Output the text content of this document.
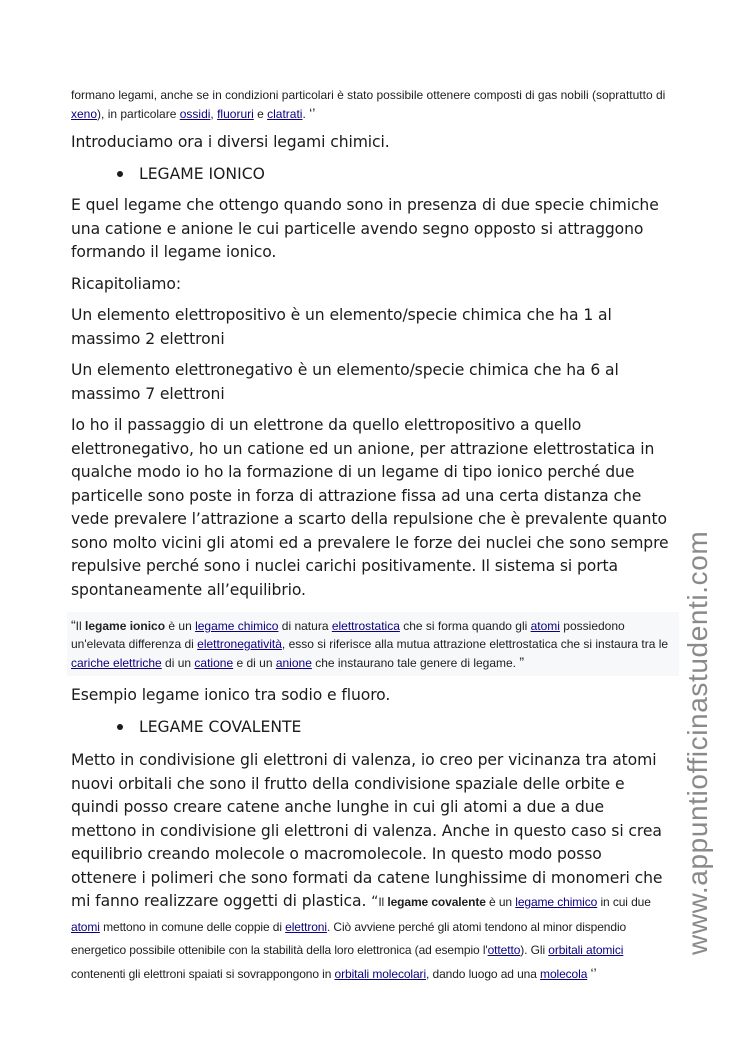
formano legami, anche se in condizioni particolari è stato possibile ottenere composti di gas nobili (soprattutto di xeno), in particolare ossidi, fluoruri e clatrati. ‘’

Introduciamo ora i diversi legami chimici.

LEGAME IONICO

E quel legame che ottengo quando sono in presenza di due specie chimiche una catione e anione le cui particelle avendo segno opposto si attraggono formando il legame ionico.

Ricapitoliamo:

Un elemento elettropositivo è un elemento/specie chimica che ha 1 al massimo 2 elettroni

Un elemento elettronegativo è un elemento/specie chimica che ha 6 al massimo 7 elettroni

Io ho il passaggio di un elettrone da quello elettropositivo a quello elettronegativo, ho un catione ed un anione, per attrazione elettrostatica in qualche modo io ho la formazione di un legame di tipo ionico perché due particelle sono poste in forza di attrazione fissa ad una certa distanza che vede prevalere l’attrazione a scarto della repulsione che è prevalente quanto sono molto vicini gli atomi ed a prevalere le forze dei nuclei che sono sempre repulsive perché sono i nuclei carichi positivamente. Il sistema si porta spontaneamente all’equilibrio.

“Il legame ionico è un legame chimico di natura elettrostatica che si forma quando gli atomi possiedono un'elevata differenza di elettronegatività, esso si riferisce alla mutua attrazione elettrostatica che si instaura tra le cariche elettriche di un catione e di un anione che instaurano tale genere di legame. ”

Esempio legame ionico tra sodio e fluoro.

LEGAME COVALENTE

Metto in condivisione gli elettroni di valenza, io creo per vicinanza tra atomi nuovi orbitali che sono il frutto della condivisione spaziale delle orbite e quindi posso creare catene anche lunghe in cui gli atomi a due a due mettono in condivisione gli elettroni di valenza. Anche in questo caso si crea equilibrio creando molecole o macromolecole. In questo modo posso ottenere i polimeri che sono formati da catene lunghissime di monomeri che mi fanno realizzare oggetti di plastica. “Il legame covalente è un legame chimico in cui due atomi mettono in comune delle coppie di elettroni. Ciò avviene perché gli atomi tendono al minor dispendio energetico possibile ottenibile con la stabilità della loro elettronica (ad esempio l'ottetto). Gli orbitali atomici contenenti gli elettroni spaiati si sovrappongono in orbitali molecolari, dando luogo ad una molecola ‘’

www.appuntiofficinastudenti.com
